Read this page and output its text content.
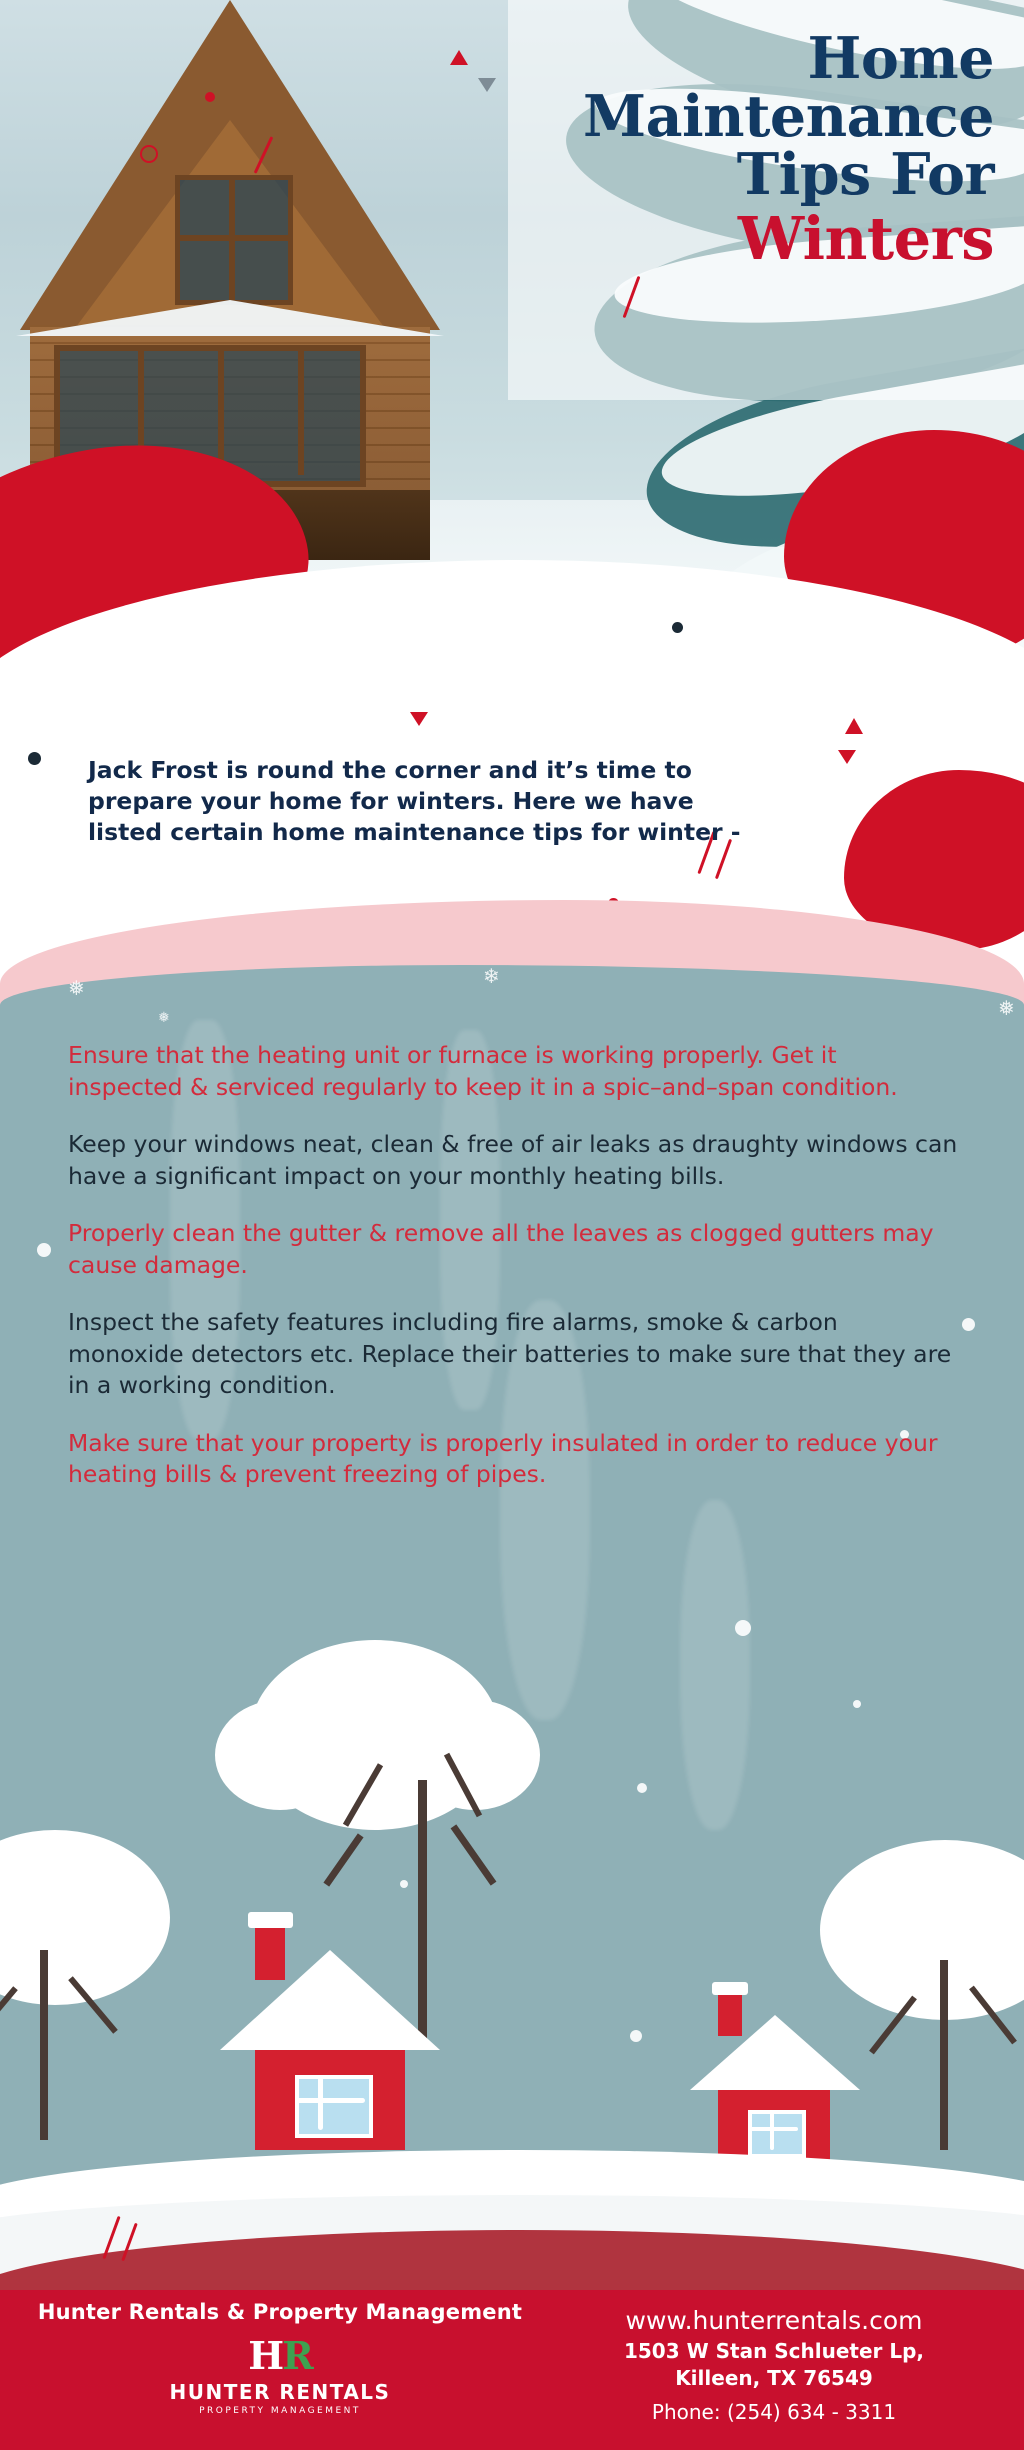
Home
Maintenance
Tips For
Winters
Jack Frost is round the corner and it’s time to prepare your home for winters. Here we have listed certain home maintenance tips for winter -
❅
❄
❅
❅
Ensure that the heating unit or furnace is working properly. Get it inspected & serviced regularly to keep it in a spic–and–span condition.
Keep your windows neat, clean & free of air leaks as draughty windows can have a significant impact on your monthly heating bills.
Properly clean the gutter & remove all the leaves as clogged gutters may cause damage.
Inspect the safety features including fire alarms, smoke & carbon monoxide detectors etc. Replace their batteries to make sure that they are in a working condition.
Make sure that your property is properly insulated in order to reduce your heating bills & prevent freezing of pipes.
Hunter Rentals & Property Management
HR
HUNTER RENTALS
PROPERTY MANAGEMENT
www.hunterrentals.com
1503 W Stan Schlueter Lp,
Killeen, TX 76549
Phone: (254) 634 - 3311
